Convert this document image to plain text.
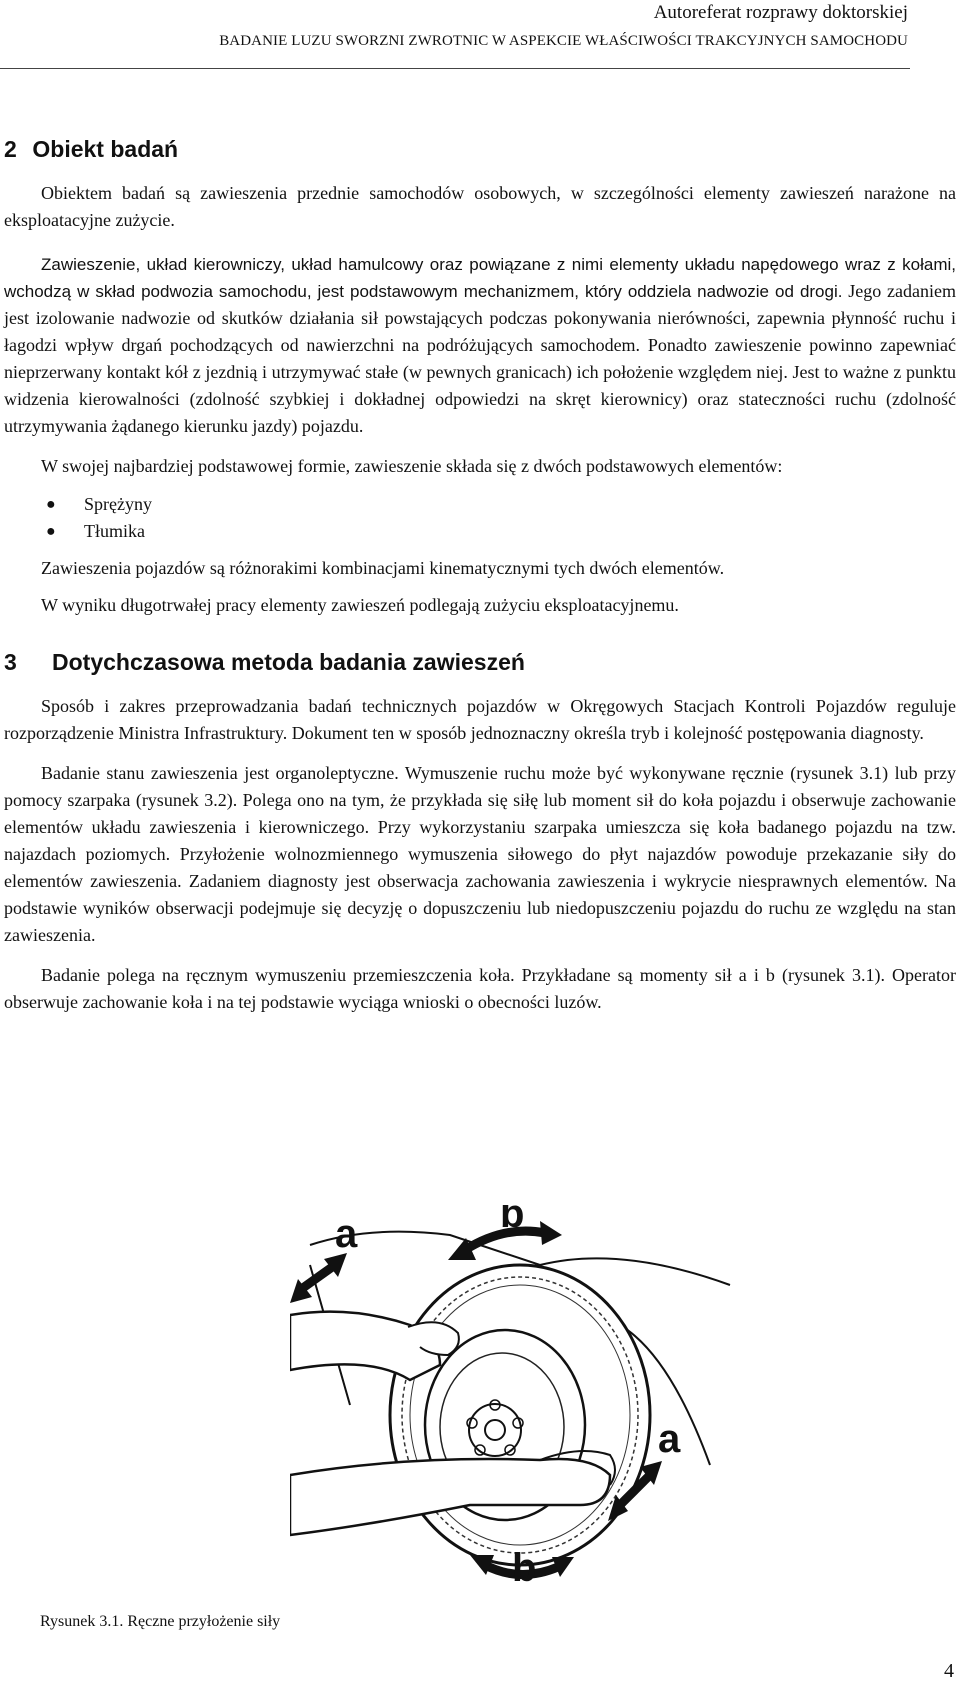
Autoreferat rozprawy doktorskiej
BADANIE LUZU SWORZNI ZWROTNIC W ASPEKCIE WŁAŚCIWOŚCI TRAKCYJNYCH SAMOCHODU
2 Obiekt badań

Obiektem badań są zawieszenia przednie samochodów osobowych, w szczególności elementy zawieszeń narażone na eksploatacyjne zużycie.

Zawieszenie, układ kierowniczy, układ hamulcowy oraz powiązane z nimi elementy układu napędowego wraz z kołami, wchodzą w skład podwozia samochodu, jest podstawowym mechanizmem, który oddziela nadwozie od drogi. Jego zadaniem jest izolowanie nadwozie od skutków działania sił powstających podczas pokonywania nierówności, zapewnia płynność ruchu i łagodzi wpływ drgań pochodzących od nawierzchni na podróżujących samochodem. Ponadto zawieszenie powinno zapewniać nieprzerwany kontakt kół z jezdnią i utrzymywać stałe (w pewnych granicach) ich położenie względem niej. Jest to ważne z punktu widzenia kierowalności (zdolność szybkiej i dokładnej odpowiedzi na skręt kierownicy) oraz stateczności ruchu (zdolność utrzymywania żądanego kierunku jazdy) pojazdu.

W swojej najbardziej podstawowej formie, zawieszenie składa się z dwóch podstawowych elementów:

● Sprężyny
● Tłumika

Zawieszenia pojazdów są różnorakimi kombinacjami kinematycznymi tych dwóch elementów.

W wyniku długotrwałej pracy elementy zawieszeń podlegają zużyciu eksploatacyjnemu.

3 Dotychczasowa metoda badania zawieszeń

Sposób i zakres przeprowadzania badań technicznych pojazdów w Okręgowych Stacjach Kontroli Pojazdów reguluje rozporządzenie Ministra Infrastruktury. Dokument ten w sposób jednoznaczny określa tryb i kolejność postępowania diagnosty.

Badanie stanu zawieszenia jest organoleptyczne. Wymuszenie ruchu może być wykonywane ręcznie (rysunek 3.1) lub przy pomocy szarpaka (rysunek 3.2). Polega ono na tym, że przykłada się siłę lub moment sił do koła pojazdu i obserwuje zachowanie elementów układu zawieszenia i kierowniczego. Przy wykorzystaniu szarpaka umieszcza się koła badanego pojazdu na tzw. najazdach poziomych. Przyłożenie wolnozmiennego wymuszenia siłowego do płyt najazdów powoduje przekazanie siły do elementów zawieszenia. Zadaniem diagnosty jest obserwacja zachowania zawieszenia i wykrycie niesprawnych elementów. Na podstawie wyników obserwacji podejmuje się decyzję o dopuszczeniu lub niedopuszczeniu pojazdu do ruchu ze względu na stan zawieszenia.

Badanie polega na ręcznym wymuszeniu przemieszczenia koła. Przykładane są momenty sił a i b (rysunek 3.1). Operator obserwuje zachowanie koła i na tej podstawie wyciąga wnioski o obecności luzów.

a	b
a
b
Rysunek 3.1. Ręczne przyłożenie siły
4
